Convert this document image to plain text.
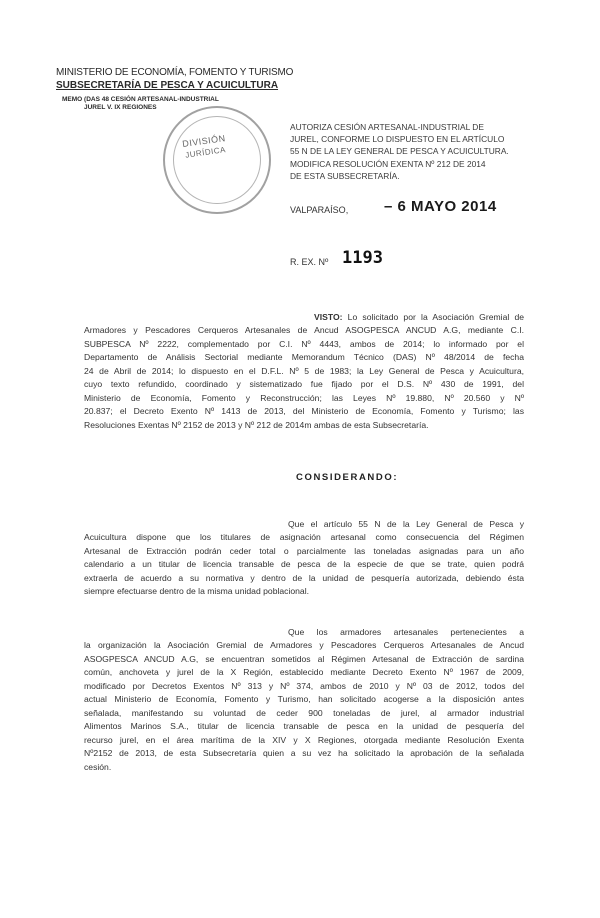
MINISTERIO DE ECONOMÍA, FOMENTO Y TURISMO
SUBSECRETARÍA DE PESCA Y ACUICULTURA
MEMO (DAS 48 CESIÓN ARTESANAL-INDUSTRIAL
JUREL V. IX REGIONES
DIVISIÓN
JURÍDICA
AUTORIZA CESIÓN ARTESANAL-INDUSTRIAL DE
JUREL, CONFORME LO DISPUESTO EN EL ARTÍCULO
55 N DE LA LEY GENERAL DE PESCA Y ACUICULTURA.
MODIFICA RESOLUCIÓN EXENTA Nº 212 DE 2014
DE ESTA SUBSECRETARÍA.
VALPARAÍSO, – 6 MAYO 2014
R. EX. Nº 1193
VISTO: Lo solicitado por la Asociación Gremial de
Armadores y Pescadores Cerqueros Artesanales de Ancud ASOGPESCA ANCUD A.G, mediante C.I.
SUBPESCA Nº 2222, complementado por C.I. Nº 4443, ambos de 2014; lo informado por el
Departamento de Análisis Sectorial mediante Memorandum Técnico (DAS) Nº 48/2014 de fecha
24 de Abril de 2014; lo dispuesto en el D.F.L. Nº 5 de 1983; la Ley General de Pesca y Acuicultura,
cuyo texto refundido, coordinado y sistematizado fue fijado por el D.S. Nº 430 de 1991, del
Ministerio de Economía, Fomento y Reconstrucción; las Leyes Nº 19.880, Nº 20.560 y Nº
20.837; el Decreto Exento Nº 1413 de 2013, del Ministerio de Economía, Fomento y Turismo; las
Resoluciones Exentas Nº 2152 de 2013 y Nº 212 de 2014m ambas de esta Subsecretaría.
CONSIDERANDO:
Que el artículo 55 N de la Ley General de Pesca y
Acuicultura dispone que los titulares de asignación artesanal como consecuencia del Régimen
Artesanal de Extracción podrán ceder total o parcialmente las toneladas asignadas para un año
calendario a un titular de licencia transable de pesca de la especie de que se trate, quien podrá
extraerla de acuerdo a su normativa y dentro de la unidad de pesquería autorizada, debiendo ésta
siempre efectuarse dentro de la misma unidad poblacional.
Que los armadores artesanales pertenecientes a
la organización la Asociación Gremial de Armadores y Pescadores Cerqueros Artesanales de Ancud
ASOGPESCA ANCUD A.G, se encuentran sometidos al Régimen Artesanal de Extracción de sardina
común, anchoveta y jurel de la X Región, establecido mediante Decreto Exento Nº 1967 de 2009,
modificado por Decretos Exentos Nº 313 y Nº 374, ambos de 2010 y Nº 03 de 2012, todos del
actual Ministerio de Economía, Fomento y Turismo, han solicitado acogerse a la disposición antes
señalada, manifestando su voluntad de ceder 900 toneladas de jurel, al armador industrial
Alimentos Marinos S.A., titular de licencia transable de pesca en la unidad de pesquería del
recurso jurel, en el área marítima de la XIV y X Regiones, otorgada mediante Resolución Exenta
Nº2152 de 2013, de esta Subsecretaría quien a su vez ha solicitado la aprobación de la señalada
cesión.
